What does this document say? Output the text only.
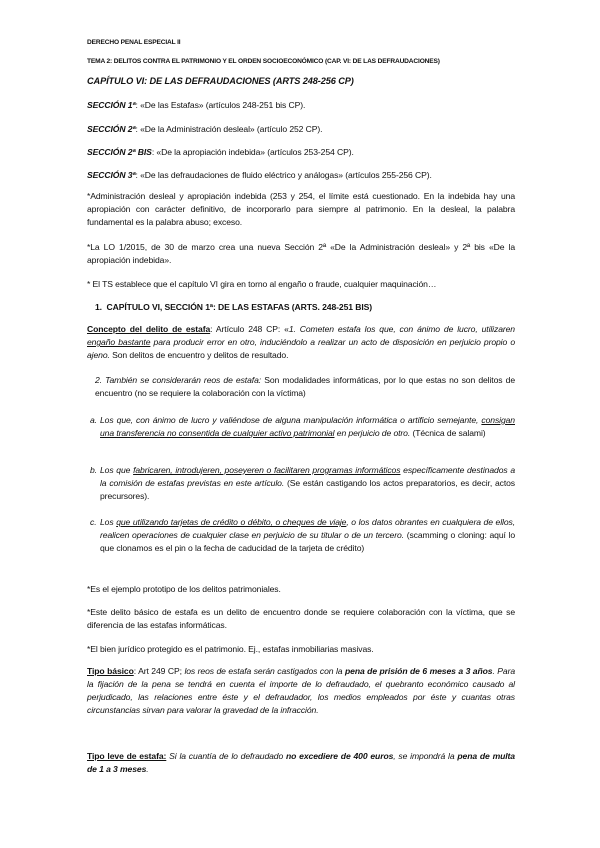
DERECHO PENAL ESPECIAL II
TEMA 2: DELITOS CONTRA EL PATRIMONIO Y EL ORDEN SOCIOECONÓMICO (CAP. VI: DE LAS DEFRAUDACIONES)
CAPÍTULO VI: DE LAS DEFRAUDACIONES (ARTS 248-256 CP)
SECCIÓN 1ª: «De las Estafas» (artículos 248-251 bis CP).
SECCIÓN 2ª: «De la Administración desleal» (artículo 252 CP).
SECCIÓN 2ª BIS: «De la apropiación indebida» (artículos 253-254 CP).
SECCIÓN 3ª: «De las defraudaciones de fluido eléctrico y análogas» (artículos 255-256 CP).
*Administración desleal y apropiación indebida (253 y 254, el límite está cuestionado. En la indebida hay una apropiación con carácter definitivo, de incorporarlo para siempre al patrimonio. En la desleal, la palabra fundamental es la palabra abuso; exceso.
*La LO 1/2015, de 30 de marzo crea una nueva Sección 2ª «De la Administración desleal» y 2ª bis «De la apropiación indebida».
* El TS establece que el capítulo VI gira en torno al engaño o fraude, cualquier maquinación…
1. CAPÍTULO VI, SECCIÓN 1ª: DE LAS ESTAFAS (ARTS. 248-251 BIS)
Concepto del delito de estafa: Artículo 248 CP: «1. Cometen estafa los que, con ánimo de lucro, utilizaren engaño bastante para producir error en otro, induciéndolo a realizar un acto de disposición en perjuicio propio o ajeno. Son delitos de encuentro y delitos de resultado.
2. También se considerarán reos de estafa: Son modalidades informáticas, por lo que estas no son delitos de encuentro (no se requiere la colaboración con la víctima)
a. Los que, con ánimo de lucro y valiéndose de alguna manipulación informática o artificio semejante, consigan una transferencia no consentida de cualquier activo patrimonial en perjuicio de otro. (Técnica de salami)
b. Los que fabricaren, introdujeren, poseyeren o facilitaren programas informáticos específicamente destinados a la comisión de estafas previstas en este artículo. (Se están castigando los actos preparatorios, es decir, actos precursores).
c. Los que utilizando tarjetas de crédito o débito, o cheques de viaje, o los datos obrantes en cualquiera de ellos, realicen operaciones de cualquier clase en perjuicio de su titular o de un tercero. (scamming o cloning: aquí lo que clonamos es el pin o la fecha de caducidad de la tarjeta de crédito)
*Es el ejemplo prototipo de los delitos patrimoniales.
*Este delito básico de estafa es un delito de encuentro donde se requiere colaboración con la víctima, que se diferencia de las estafas informáticas.
*El bien jurídico protegido es el patrimonio. Ej., estafas inmobiliarias masivas.
Tipo básico: Art 249 CP; los reos de estafa serán castigados con la pena de prisión de 6 meses a 3 años. Para la fijación de la pena se tendrá en cuenta el importe de lo defraudado, el quebranto económico causado al perjudicado, las relaciones entre éste y el defraudador, los medios empleados por éste y cuantas otras circunstancias sirvan para valorar la gravedad de la infracción.
Tipo leve de estafa: Si la cuantía de lo defraudado no excediere de 400 euros, se impondrá la pena de multa de 1 a 3 meses.
